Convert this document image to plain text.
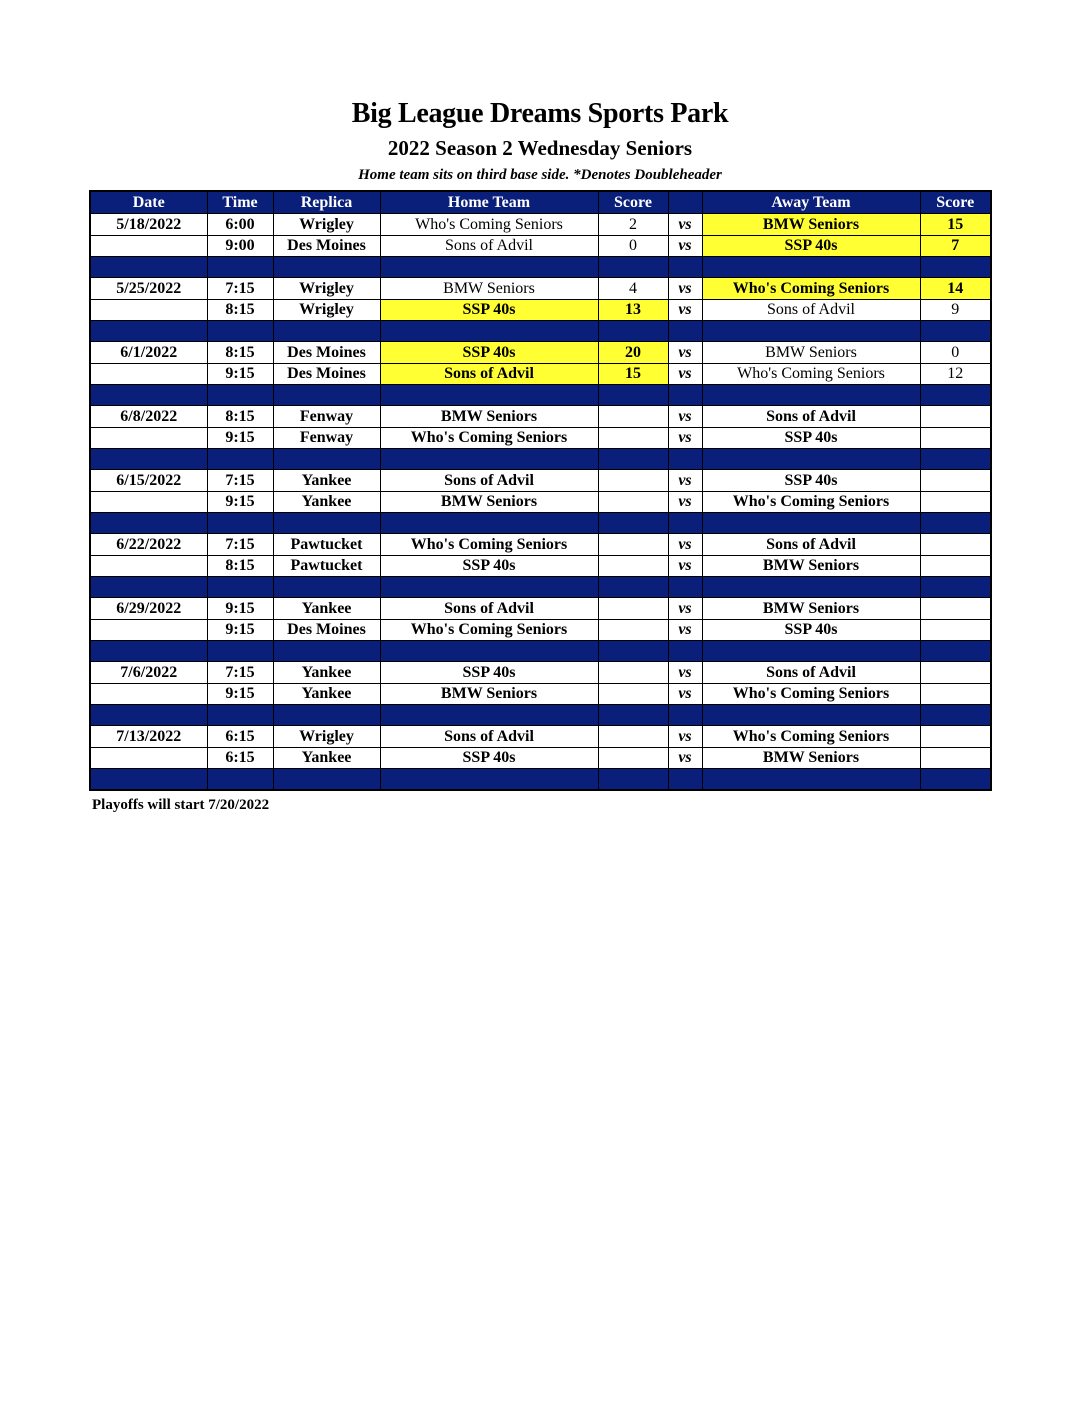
Big League Dreams Sports Park
2022 Season 2 Wednesday Seniors
Home team sits on third base side. *Denotes Doubleheader
Date	Time	Replica	Home Team	Score		Away Team	Score
5/18/2022	6:00	Wrigley	Who's Coming Seniors	2	vs	BMW Seniors	15
	9:00	Des Moines	Sons of Advil	0	vs	SSP 40s	7

5/25/2022	7:15	Wrigley	BMW Seniors	4	vs	Who's Coming Seniors	14
	8:15	Wrigley	SSP 40s	13	vs	Sons of Advil	9

6/1/2022	8:15	Des Moines	SSP 40s	20	vs	BMW Seniors	0
	9:15	Des Moines	Sons of Advil	15	vs	Who's Coming Seniors	12

6/8/2022	8:15	Fenway	BMW Seniors		vs	Sons of Advil	
	9:15	Fenway	Who's Coming Seniors		vs	SSP 40s	

6/15/2022	7:15	Yankee	Sons of Advil		vs	SSP 40s	
	9:15	Yankee	BMW Seniors		vs	Who's Coming Seniors	

6/22/2022	7:15	Pawtucket	Who's Coming Seniors		vs	Sons of Advil	
	8:15	Pawtucket	SSP 40s		vs	BMW Seniors	

6/29/2022	9:15	Yankee	Sons of Advil		vs	BMW Seniors	
	9:15	Des Moines	Who's Coming Seniors		vs	SSP 40s	

7/6/2022	7:15	Yankee	SSP 40s		vs	Sons of Advil	
	9:15	Yankee	BMW Seniors		vs	Who's Coming Seniors	

7/13/2022	6:15	Wrigley	Sons of Advil		vs	Who's Coming Seniors	
	6:15	Yankee	SSP 40s		vs	BMW Seniors	

Playoffs will start 7/20/2022
